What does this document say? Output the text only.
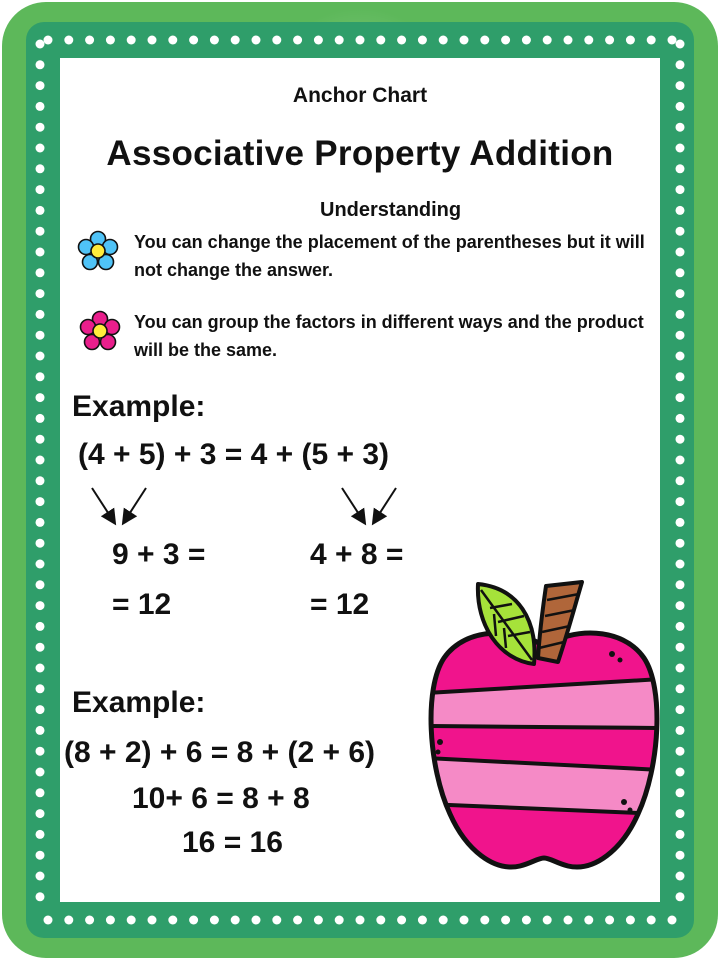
Anchor Chart
Associative Property Addition
Understanding
You can change the placement of the parentheses but it will not change the answer.
You can group the factors in different ways and the product will be the same.
Example:
(4 + 5) + 3 = 4 + (5 + 3)
9 + 3 =
= 12
4 + 8 =
= 12
Example:
(8 + 2) + 6 = 8 + (2 + 6)
10+ 6 = 8 + 8
16 = 16
